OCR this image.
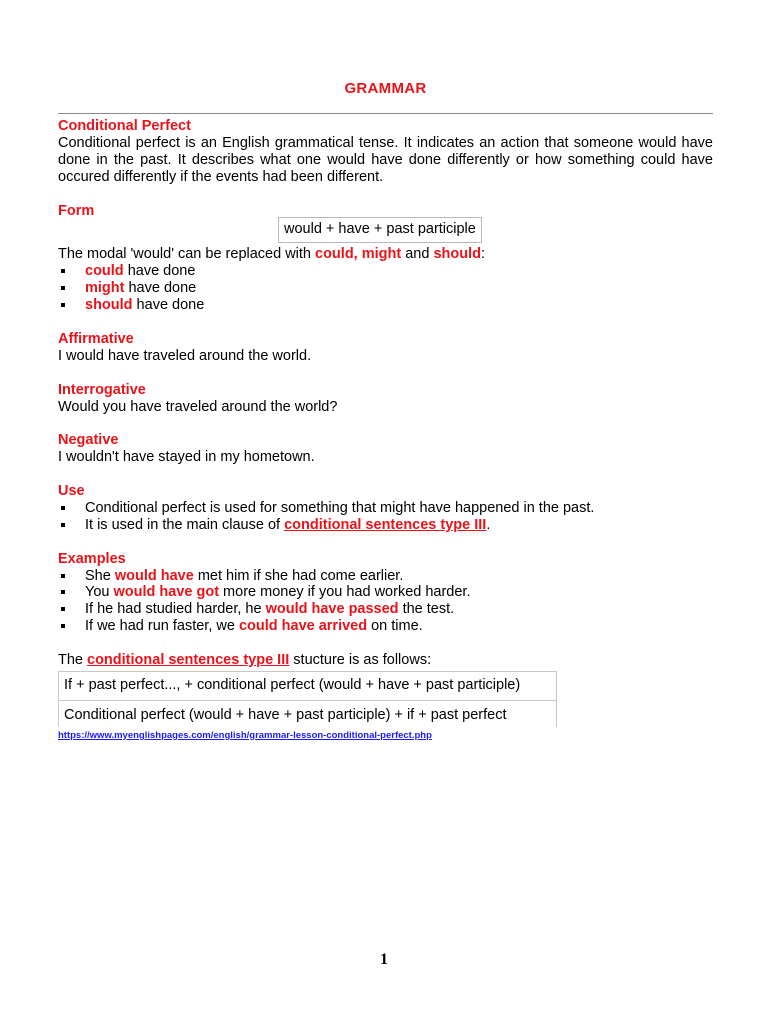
GRAMMAR

Conditional Perfect

Conditional perfect is an English grammatical tense. It indicates an action that someone would have done in the past. It describes what one would have done differently or how something could have occured differently if the events had been different.

Form

would + have + past participle

The modal 'would' can be replaced with could, might and should:

could have done
might have done
should have done

Affirmative

I would have traveled around the world.

Interrogative

Would you have traveled around the world?

Negative

I wouldn't have stayed in my hometown.

Use

Conditional perfect is used for something that might have happened in the past.
It is used in the main clause of conditional sentences type III.

Examples

She would have met him if she had come earlier.
You would have got more money if you had worked harder.
If he had studied harder, he would have passed the test.
If we had run faster, we could have arrived on time.

The conditional sentences type III stucture is as follows:

If + past perfect..., + conditional perfect (would + have + past participle)
Conditional perfect (would + have + past participle) + if + past perfect
https://www.myenglishpages.com/english/grammar-lesson-conditional-perfect.php
1
